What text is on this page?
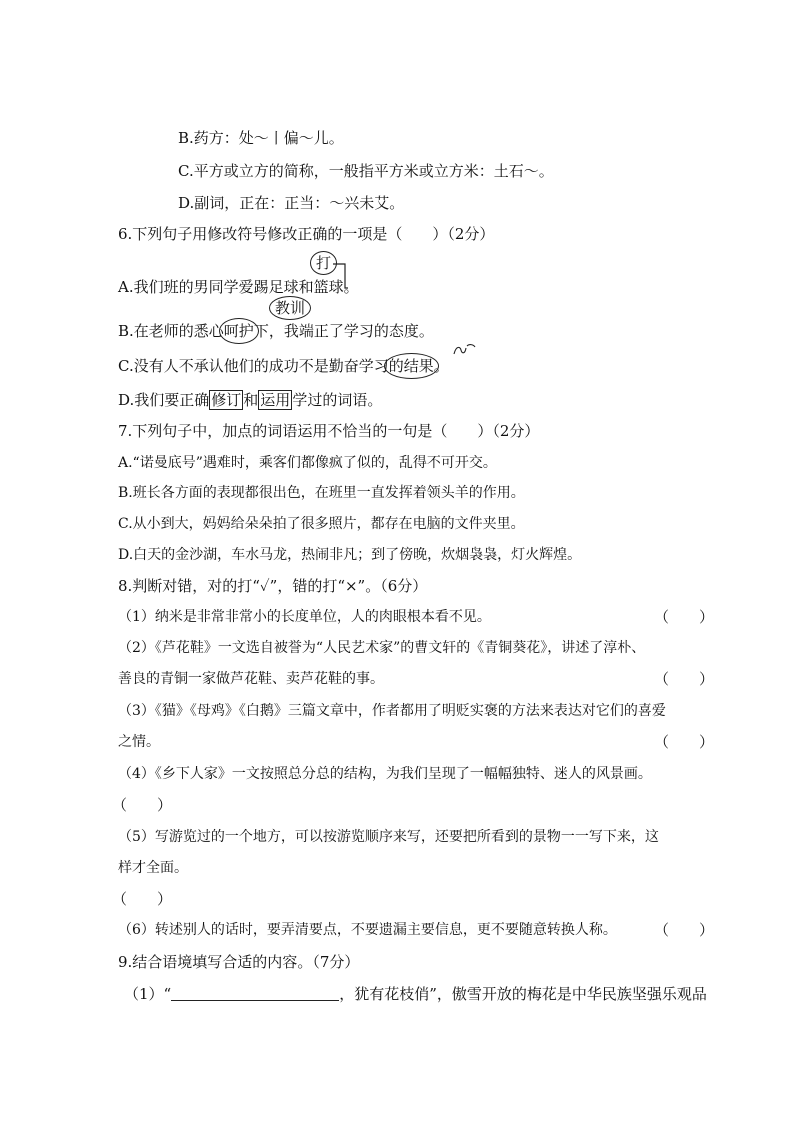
B.药方：处～丨偏～儿。
C.平方或立方的简称，一般指平方米或立方米：土石～。
D.副词，正在：正当：～兴未艾。
6.下列句子用修改符号修改正确的一项是（　　）（2分）
打
A.我们班的男同学爱踢足球和篮球。
教训
B.在老师的悉心呵护下，我端正了学习的态度。
C.没有人不承认他们的成功不是勤奋学习的结果。
D.我们要正确 修订 和 运用 学过的词语。
7.下列句子中，加点的词语运用不恰当的一句是（　　）（2分）
A.“诺曼底号”遇难时，乘客们都像疯了似的，乱得不可开交。
B.班长各方面的表现都很出色，在班里一直发挥着领头羊的作用。
C.从小到大，妈妈给朵朵拍了很多照片，都存在电脑的文件夹里。
D.白天的金沙湖，车水马龙，热闹非凡；到了傍晚，炊烟袅袅，灯火辉煌。
8.判断对错，对的打“✓”，错的打“×”。（6分）
（1）纳米是非常非常小的长度单位，人的肉眼根本看不见。	（　　）
（2）《芦花鞋》一文选自被誉为“人民艺术家”的曹文轩的《青铜葵花》，讲述了淳朴、
善良的青铜一家做芦花鞋、卖芦花鞋的事。	（　　）
（3）《猫》《母鸡》《白鹅》三篇文章中，作者都用了明贬实褒的方法来表达对它们的喜爱
之情。	（　　）
（4）《乡下人家》一文按照总分总的结构，为我们呈现了一幅幅独特、迷人的风景画。
（　　）
（5）写游览过的一个地方，可以按游览顺序来写，还要把所看到的景物一一写下来，这
样才全面。
（　　）
（6）转述别人的话时，要弄清要点，不要遗漏主要信息，更不要随意转换人称。 （　　）
9.结合语境填写合适的内容。（7分）
（1）“	，犹有花枝俏”，傲雪开放的梅花是中华民族坚强乐观品
